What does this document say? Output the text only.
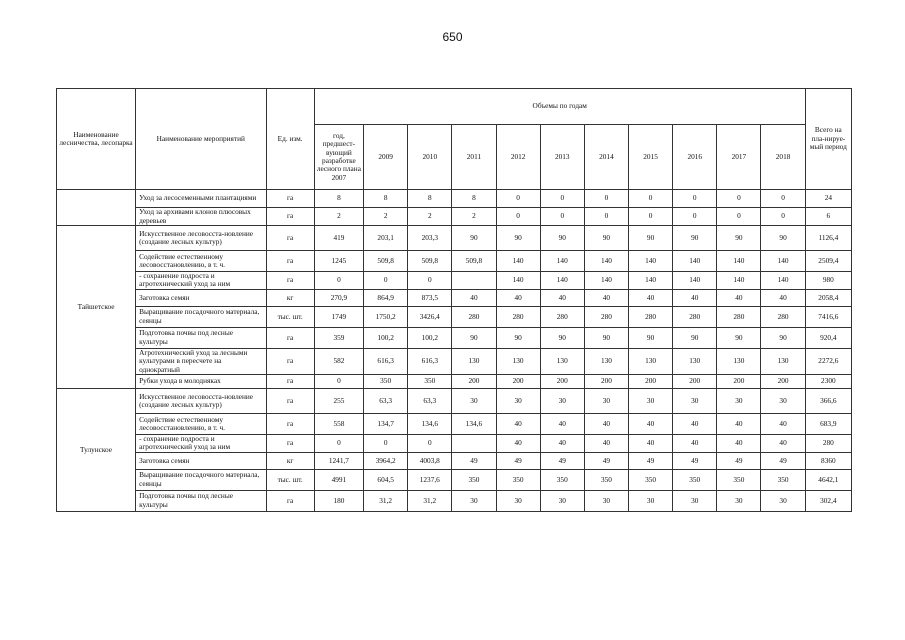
650
Наименование лесничества, лесопарка	Наименование мероприятий	Ед. изм.	Объемы по годам											Всего на пла-нируе-мый период
			год, предшест-вующий разработке лесного плана 2007	2009	2010	2011	2012	2013	2014	2015	2016	2017	2018	
	Уход за лесосеменными плантациями	га	8	8	8	8	0	0	0	0	0	0	0	24
	Уход за архивами клонов плюсовых деревьев	га	2	2	2	2	0	0	0	0	0	0	0	6
Тайшетское	Искусственное лесовосста-новление (создание лесных культур)	га	419	203,1	203,3	90	90	90	90	90	90	90	90	1126,4
	Содействие естественному лесовосстановлению, в т. ч.	га	1245	509,8	509,8	509,8	140	140	140	140	140	140	140	2509,4
	- сохранение подроста и агротехнический уход за ним	га	0	0	0		140	140	140	140	140	140	140	980
	Заготовка семян	кг	270,9	864,9	873,5	40	40	40	40	40	40	40	40	2058,4
	Выращивание посадочного материала, сеянцы	тыс. шт.	1749	1750,2	3426,4	280	280	280	280	280	280	280	280	7416,6
	Подготовка почвы под лесные культуры	га	359	100,2	100,2	90	90	90	90	90	90	90	90	920,4
	Агротехнический уход за лесными культурами в пересчете на однократный	га	582	616,3	616,3	130	130	130	130	130	130	130	130	2272,6
	Рубки ухода в молодняках	га	0	350	350	200	200	200	200	200	200	200	200	2300
Тулунское	Искусственное лесовосста-новление (создание лесных культур)	га	255	63,3	63,3	30	30	30	30	30	30	30	30	366,6
	Содействие естественному лесовосстановлению, в т. ч.	га	558	134,7	134,6	134,6	40	40	40	40	40	40	40	683,9
	- сохранение подроста и агротехнический уход за ним	га	0	0	0		40	40	40	40	40	40	40	280
	Заготовка семян	кг	1241,7	3964,2	4003,8	49	49	49	49	49	49	49	49	8360
	Выращивание посадочного материала, сеянцы	тыс. шт.	4991	604,5	1237,6	350	350	350	350	350	350	350	350	4642,1
	Подготовка почвы под лесные культуры	га	180	31,2	31,2	30	30	30	30	30	30	30	30	302,4
